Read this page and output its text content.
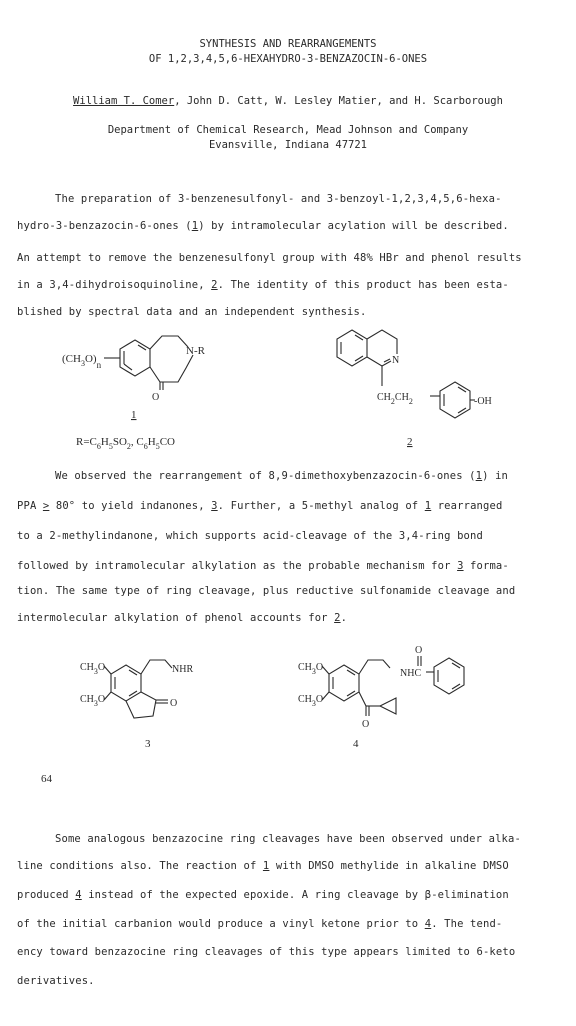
SYNTHESIS AND REARRANGEMENTS
OF 1,2,3,4,5,6-HEXAHYDRO-3-BENZAZOCIN-6-ONES
William T. Comer, John D. Catt, W. Lesley Matier, and H. Scarborough
Department of Chemical Research, Mead Johnson and Company
Evansville, Indiana 47721
The preparation of 3-benzenesulfonyl- and 3-benzoyl-1,2,3,4,5,6-hexa-
hydro-3-benzazocin-6-ones (1) by intramolecular acylation will be described.
An attempt to remove the benzenesulfonyl group with 48% HBr and phenol results
in a 3,4-dihydroisoquinoline, 2. The identity of this product has been esta-
blished by spectral data and an independent synthesis.
$(CH_3O)_n$
N-R
O
1
$R=C_6H_5SO_2$, $C_6H_5CO$
N
$CH_2CH_2$	-OH
2
We observed the rearrangement of 8,9-dimethoxybenzazocin-6-ones (1) in
PPA ≥ 80° to yield indanones, 3. Further, a 5-methyl analog of 1 rearranged
to a 2-methylindanone, which supports acid-cleavage of the 3,4-ring bond
followed by intramolecular alkylation as the probable mechanism for 3 forma-
tion. The same type of ring cleavage, plus reductive sulfonamide cleavage and
intermolecular alkylation of phenol accounts for 2.
$CH_3O$
$CH_3O$
NHR
O
3
$CH_3O$
$CH_3O$
NHC
O
O
4
64
Some analogous benzazocine ring cleavages have been observed under alka-
line conditions also. The reaction of 1 with DMSO methylide in alkaline DMSO
produced 4 instead of the expected epoxide. A ring cleavage by β-elimination
of the initial carbanion would produce a vinyl ketone prior to 4. The tend-
ency toward benzazocine ring cleavages of this type appears limited to 6-keto
derivatives.
